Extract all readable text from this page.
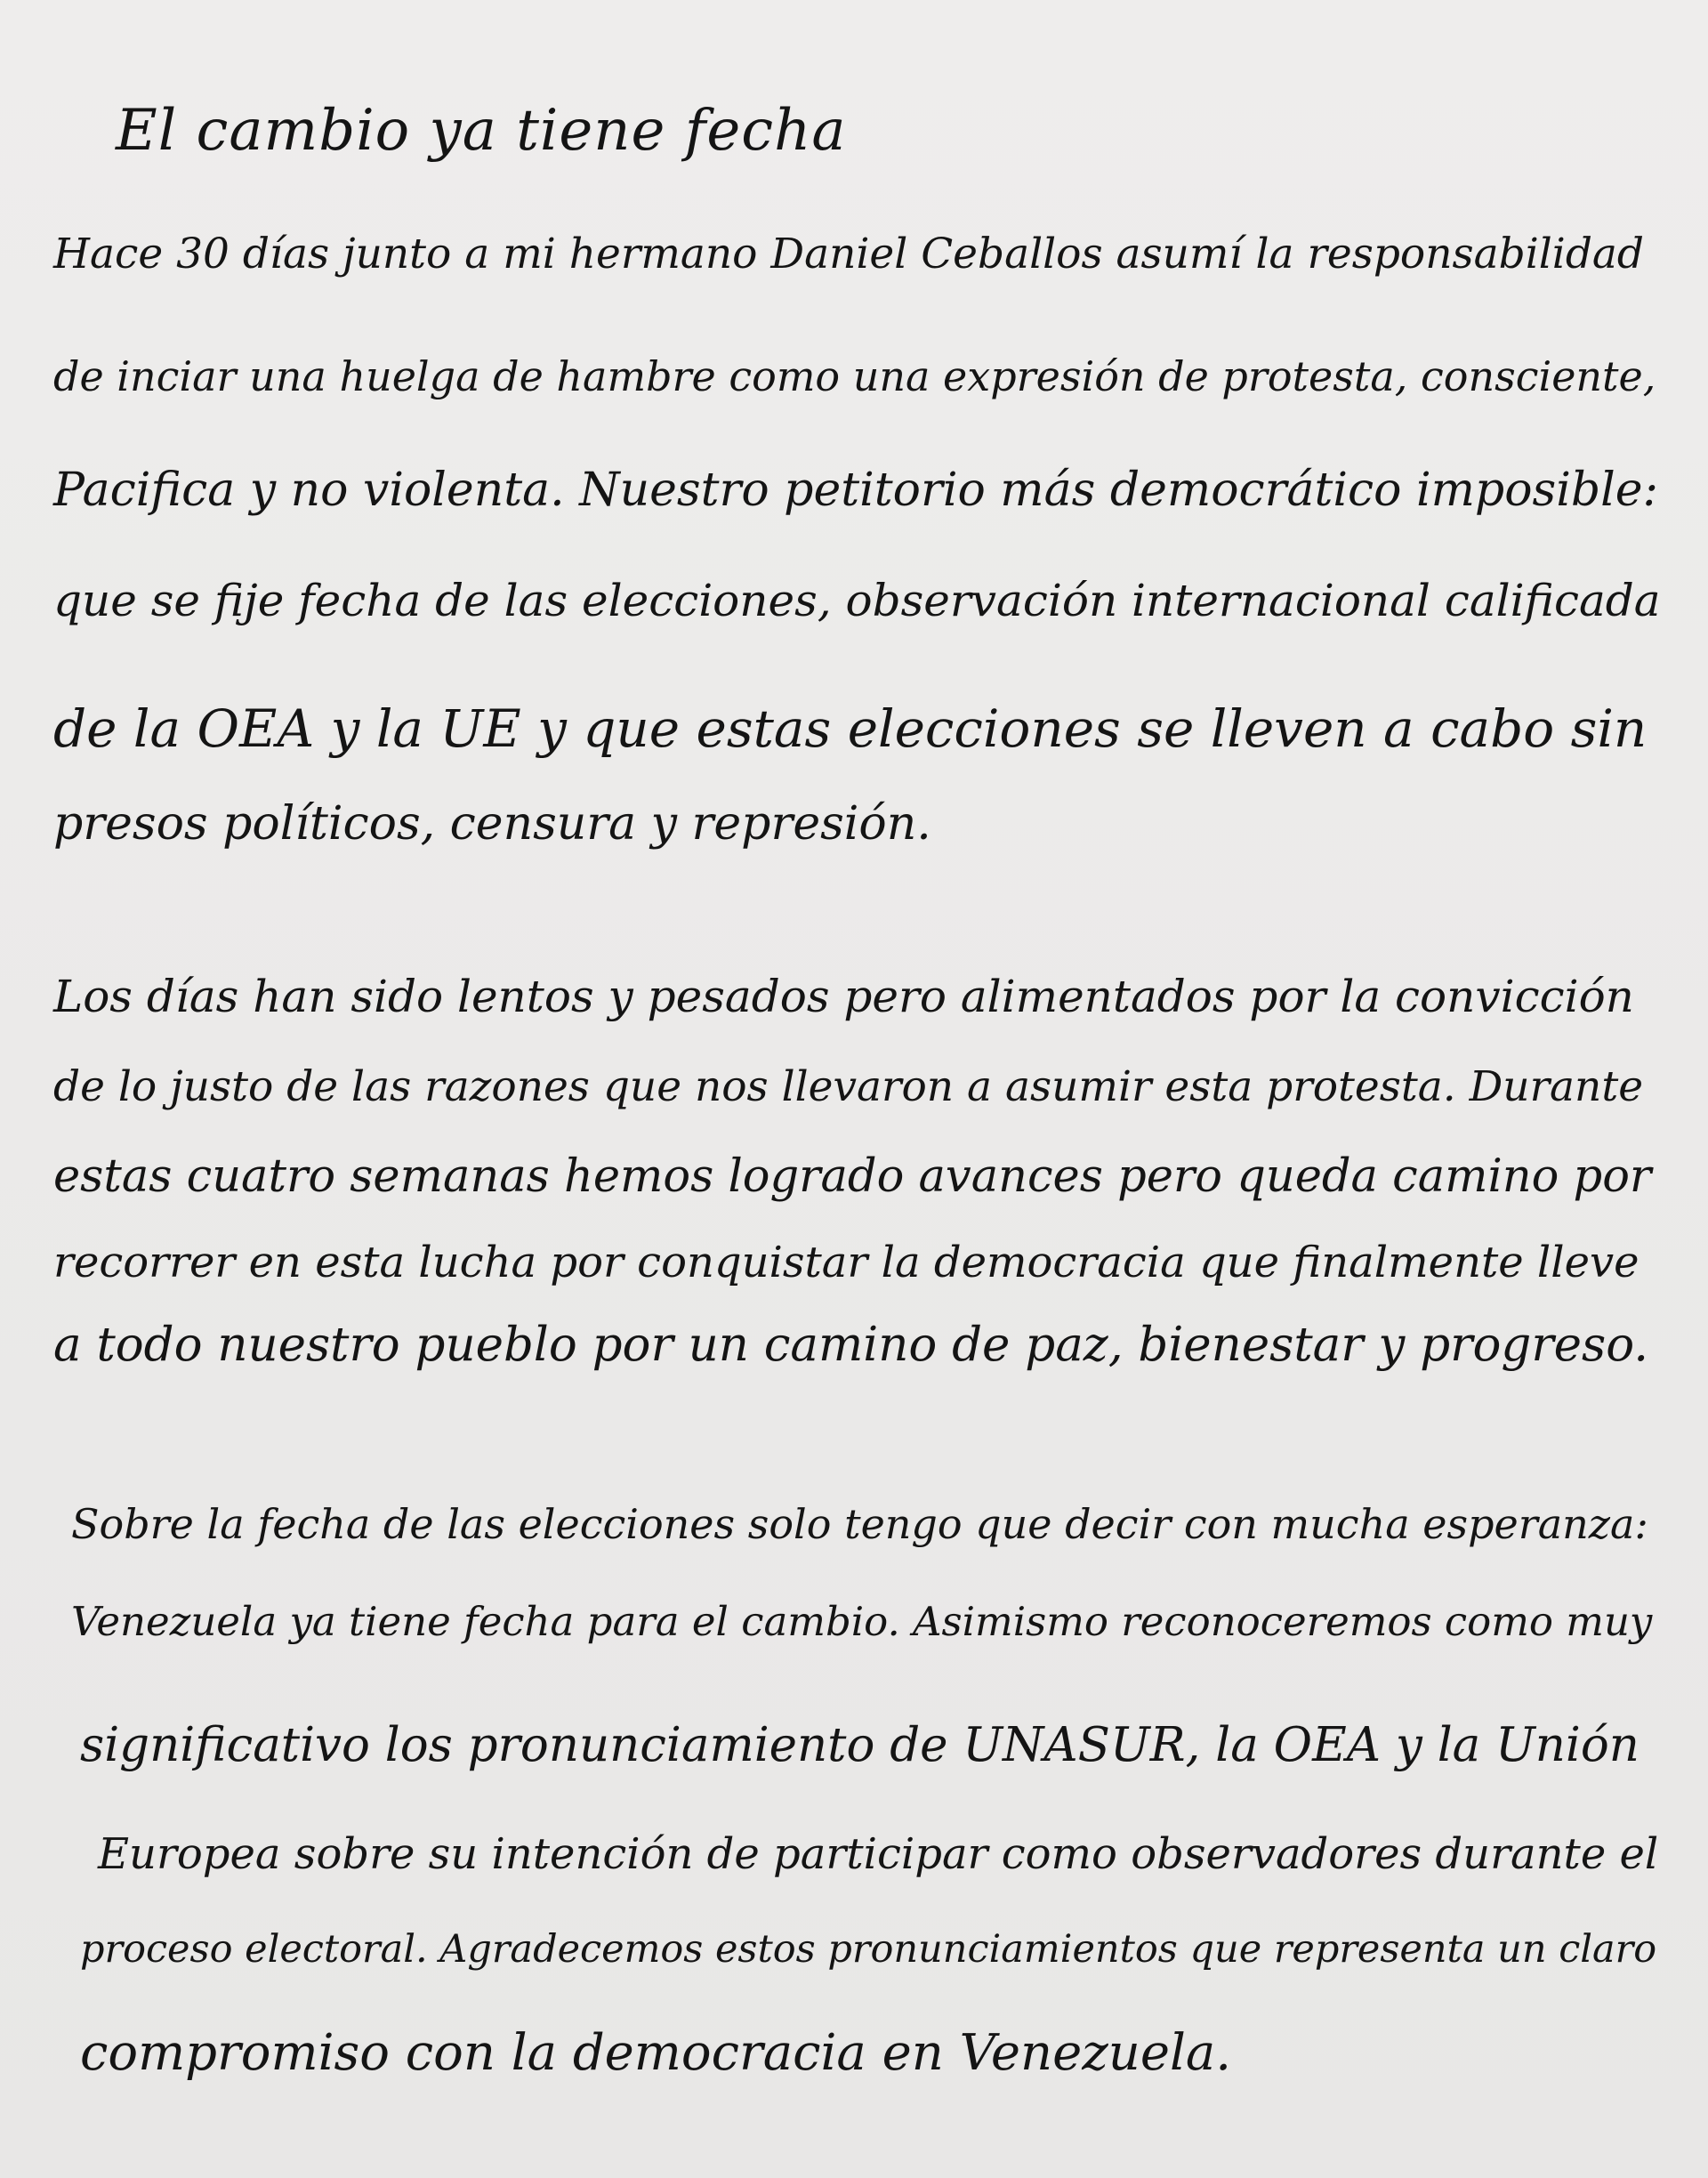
El cambio ya tiene fecha
Hace 30 días junto a mi hermano Daniel Ceballos asumí la responsabilidad
de inciar una huelga de hambre como una expresión de protesta, consciente,
Pacifica y no violenta. Nuestro petitorio más democrático imposible:
que se fije fecha de las elecciones, observación internacional calificada
de la OEA y la UE y que estas elecciones se lleven a cabo sin
presos políticos, censura y represión.
Los días han sido lentos y pesados pero alimentados por la convicción
de lo justo de las razones que nos llevaron a asumir esta protesta. Durante
estas cuatro semanas hemos logrado avances pero queda camino por
recorrer en esta lucha por conquistar la democracia que finalmente lleve
a todo nuestro pueblo por un camino de paz, bienestar y progreso.
Sobre la fecha de las elecciones solo tengo que decir con mucha esperanza:
Venezuela ya tiene fecha para el cambio. Asimismo reconoceremos como muy
significativo los pronunciamiento de UNASUR, la OEA y la Unión
Europea sobre su intención de participar como observadores durante el
proceso electoral. Agradecemos estos pronunciamientos que representa un claro
compromiso con la democracia en Venezuela.
